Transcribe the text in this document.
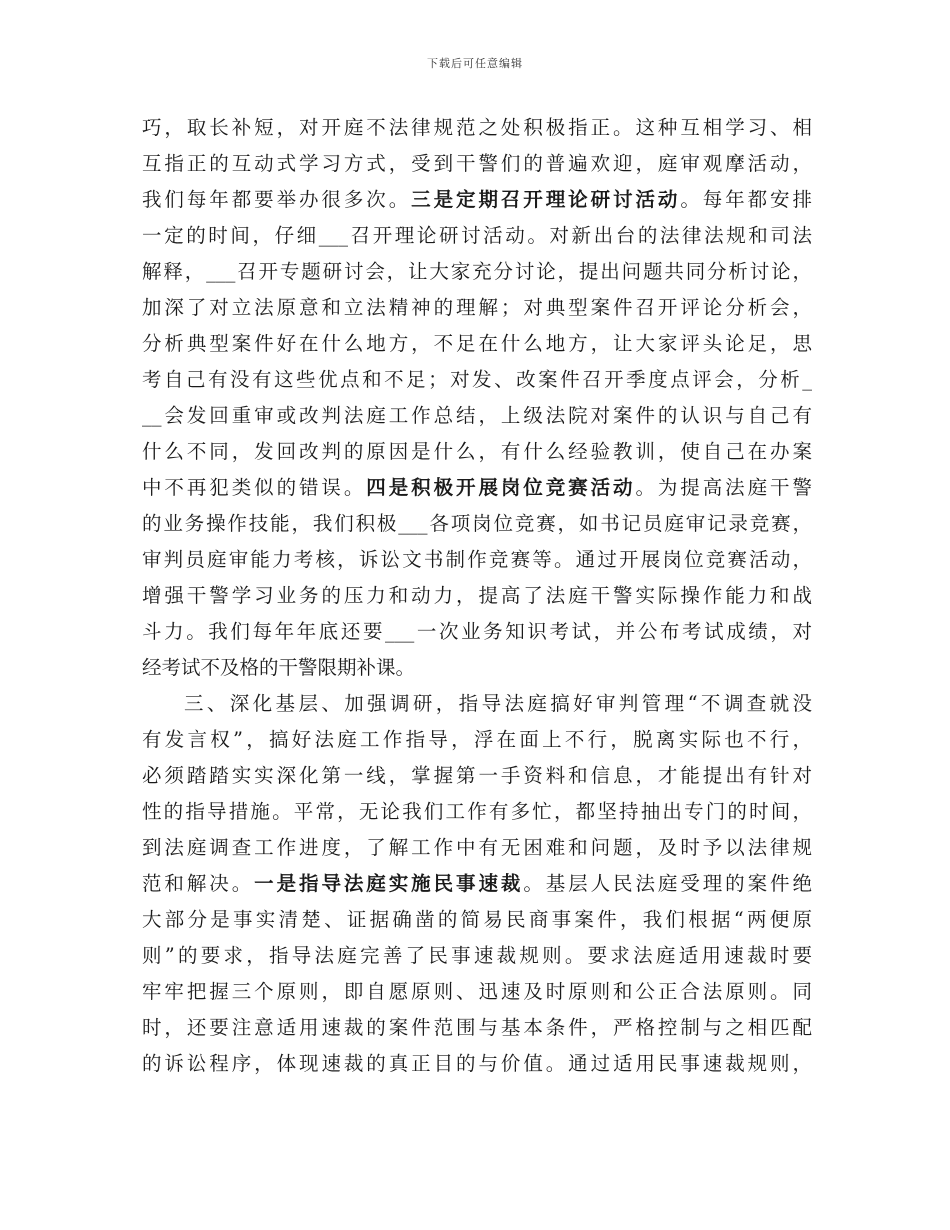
下载后可任意编辑
巧，取长补短，对开庭不法律规范之处积极指正。这种互相学习、相
互指正的互动式学习方式，受到干警们的普遍欢迎，庭审观摩活动，
我们每年都要举办很多次。三是定期召开理论研讨活动。每年都安排
一定的时间，仔细___召开理论研讨活动。对新出台的法律法规和司法
解释，___召开专题研讨会，让大家充分讨论，提出问题共同分析讨论，
加深了对立法原意和立法精神的理解；对典型案件召开评论分析会，
分析典型案件好在什么地方，不足在什么地方，让大家评头论足，思
考自己有没有这些优点和不足；对发、改案件召开季度点评会，分析_
__会发回重审或改判法庭工作总结，上级法院对案件的认识与自己有
什么不同，发回改判的原因是什么，有什么经验教训，使自己在办案
中不再犯类似的错误。四是积极开展岗位竞赛活动。为提高法庭干警
的业务操作技能，我们积极___各项岗位竞赛，如书记员庭审记录竞赛，
审判员庭审能力考核，诉讼文书制作竞赛等。通过开展岗位竞赛活动，
增强干警学习业务的压力和动力，提高了法庭干警实际操作能力和战
斗力。我们每年年底还要___一次业务知识考试，并公布考试成绩，对
经考试不及格的干警限期补课。
三、深化基层、加强调研，指导法庭搞好审判管理“不调查就没
有发言权”，搞好法庭工作指导，浮在面上不行，脱离实际也不行，
必须踏踏实实深化第一线，掌握第一手资料和信息，才能提出有针对
性的指导措施。平常，无论我们工作有多忙，都坚持抽出专门的时间，
到法庭调查工作进度，了解工作中有无困难和问题，及时予以法律规
范和解决。一是指导法庭实施民事速裁。基层人民法庭受理的案件绝
大部分是事实清楚、证据确凿的简易民商事案件，我们根据“两便原
则”的要求，指导法庭完善了民事速裁规则。要求法庭适用速裁时要
牢牢把握三个原则，即自愿原则、迅速及时原则和公正合法原则。同
时，还要注意适用速裁的案件范围与基本条件，严格控制与之相匹配
的诉讼程序，体现速裁的真正目的与价值。通过适用民事速裁规则，
